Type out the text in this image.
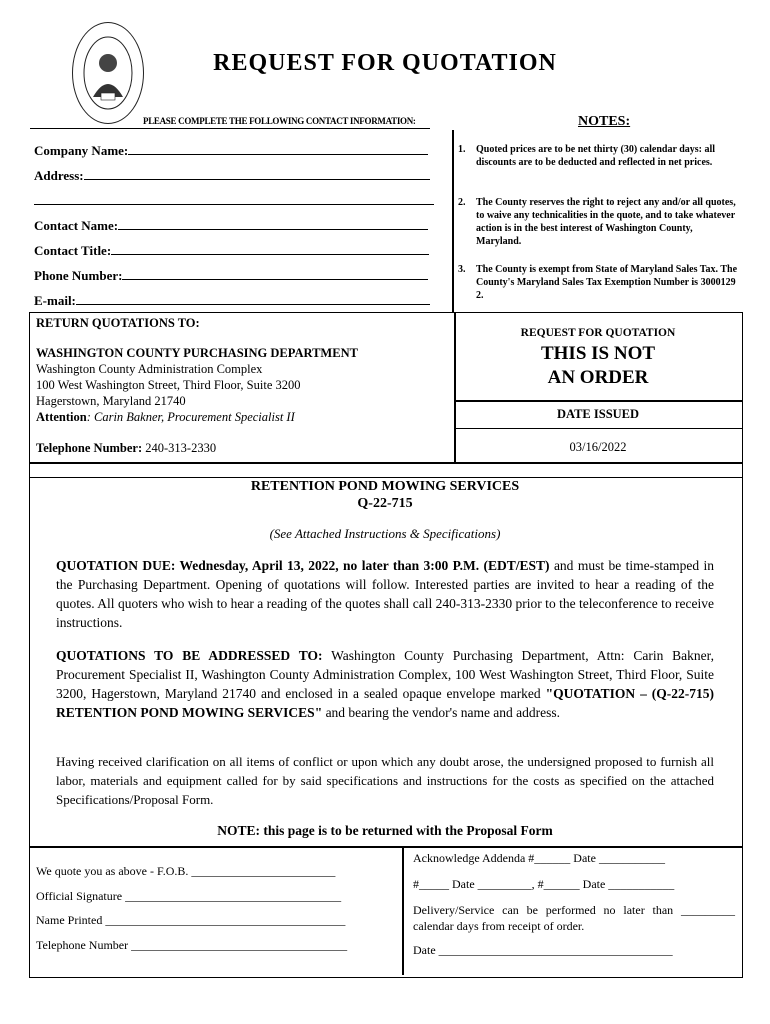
REQUEST FOR QUOTATION
PLEASE COMPLETE THE FOLLOWING CONTACT INFORMATION:	NOTES:
Company Name:
Address:
Contact Name:
Contact Title:
Phone Number:
E-mail:
1. Quoted prices are to be net thirty (30) calendar days: all discounts are to be deducted and reflected in net prices.
2. The County reserves the right to reject any and/or all quotes, to waive any technicalities in the quote, and to take whatever action is in the best interest of Washington County, Maryland.
3. The County is exempt from State of Maryland Sales Tax. The County's Maryland Sales Tax Exemption Number is 3000129 2.
RETURN QUOTATIONS TO:
WASHINGTON COUNTY PURCHASING DEPARTMENT
Washington County Administration Complex
100 West Washington Street, Third Floor, Suite 3200
Hagerstown, Maryland 21740
Attention: Carin Bakner, Procurement Specialist II
Telephone Number: 240-313-2330
REQUEST FOR QUOTATION
THIS IS NOT
AN ORDER
DATE ISSUED
03/16/2022
RETENTION POND MOWING SERVICES
Q-22-715
(See Attached Instructions & Specifications)
QUOTATION DUE: Wednesday, April 13, 2022, no later than 3:00 P.M. (EDT/EST) and must be time-stamped in the Purchasing Department. Opening of quotations will follow. Interested parties are invited to hear a reading of the quotes. All quoters who wish to hear a reading of the quotes shall call 240-313-2330 prior to the teleconference to receive instructions.
QUOTATIONS TO BE ADDRESSED TO: Washington County Purchasing Department, Attn: Carin Bakner, Procurement Specialist II, Washington County Administration Complex, 100 West Washington Street, Third Floor, Suite 3200, Hagerstown, Maryland 21740 and enclosed in a sealed opaque envelope marked "QUOTATION – (Q-22-715) RETENTION POND MOWING SERVICES" and bearing the vendor's name and address.
Having received clarification on all items of conflict or upon which any doubt arose, the undersigned proposed to furnish all labor, materials and equipment called for by said specifications and instructions for the costs as specified on the attached Specifications/Proposal Form.
NOTE: this page is to be returned with the Proposal Form
We quote you as above - F.O.B. ________________________
Official Signature ____________________________________
Name Printed ________________________________________
Telephone Number ____________________________________
Acknowledge Addenda #______ Date ___________
#_____ Date _________, #______ Date ___________
Delivery/Service can be performed no later than _________ calendar days from receipt of order.
Date _______________________________________
